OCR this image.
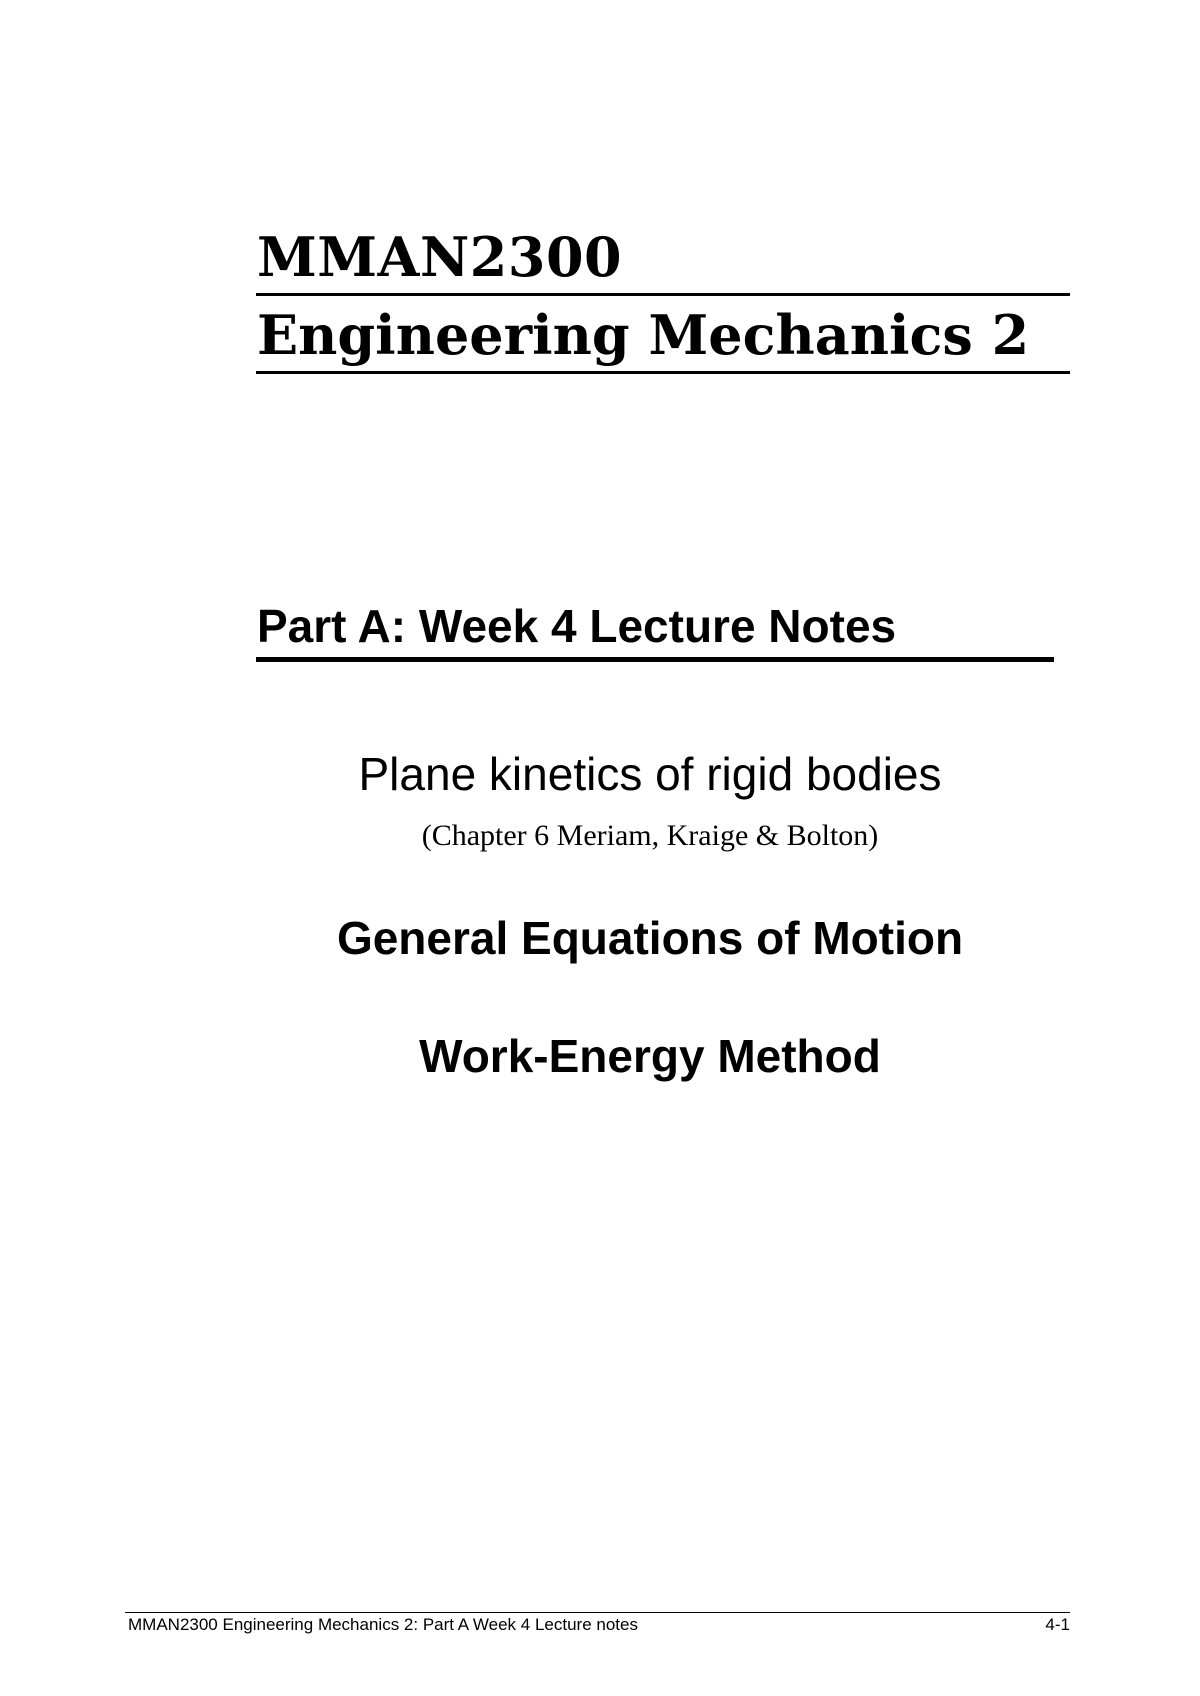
MMAN2300
Engineering Mechanics 2
Part A: Week 4 Lecture Notes

Plane kinetics of rigid bodies

(Chapter 6 Meriam, Kraige & Bolton)

General Equations of Motion

Work-Energy Method

MMAN2300 Engineering Mechanics 2: Part A Week 4 Lecture notes	4-1
